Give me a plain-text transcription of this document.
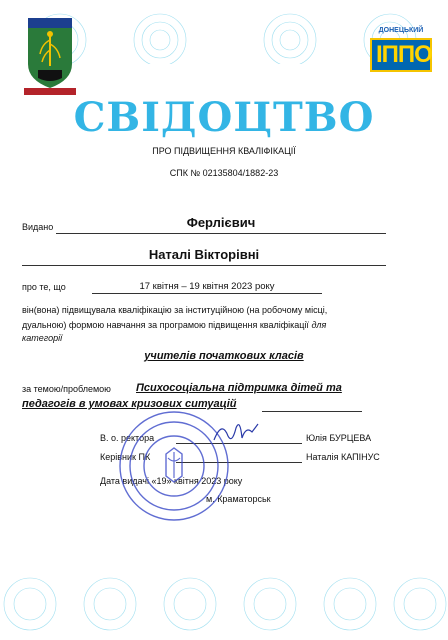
ДОНЕЦЬКИЙ
ІППО
СВІДОЦТВО
ПРО ПІДВИЩЕННЯ КВАЛІФІКАЦІЇ
СПК № 02135804/1882-23
Видано	Ферлієвич
Наталі Вікторівні
про те, що	17 квітня – 19 квітня 2023 року
він(вона) підвищувала кваліфікацію за інституційною (на робочому місці,
дуальною) формою навчання за програмою підвищення кваліфікації для
категорії
учителів початкових класів
за темою/проблемою Психосоціальна підтримка дітей та
педагогів в умовах кризових ситуацій
В. о. ректора	Юлія БУРЦЕВА
Керівник ПК	Наталія КАПІНУС
Дата видачі «19» квітня 2023 року
м. Краматорськ
